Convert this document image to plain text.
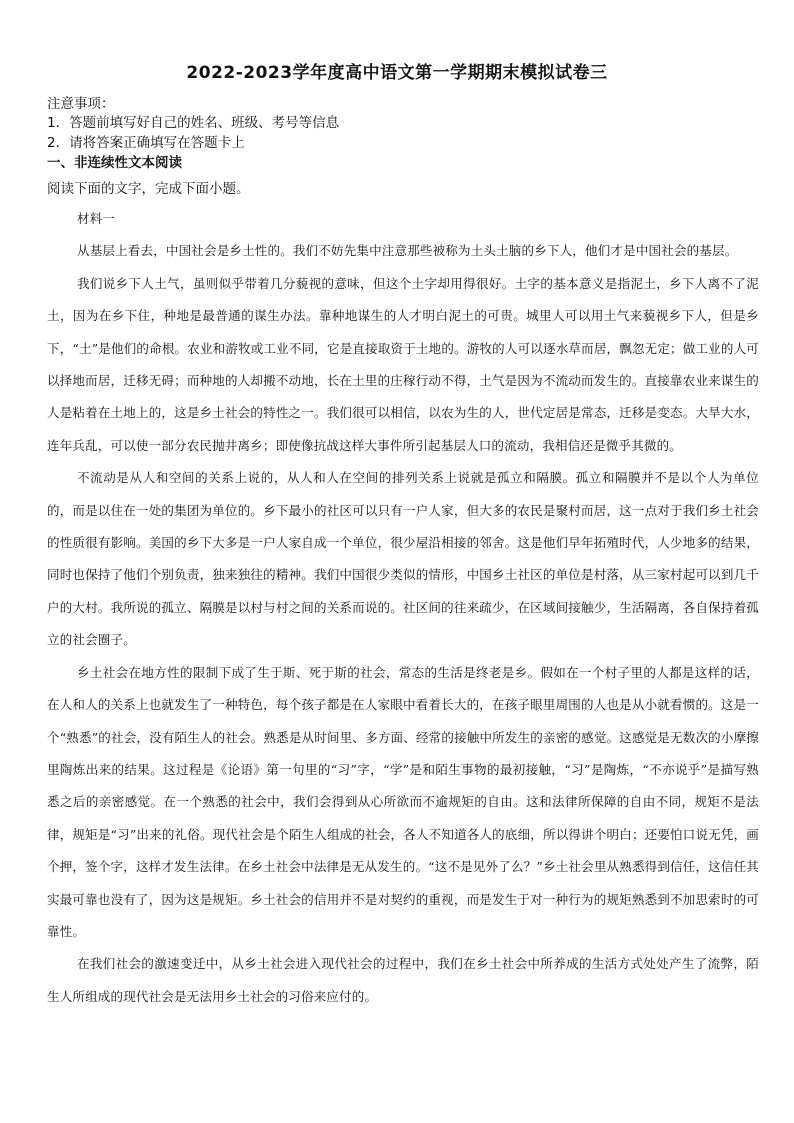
2022-2023学年度高中语文第一学期期末模拟试卷三
注意事项：
1．答题前填写好自己的姓名、班级、考号等信息
2．请将答案正确填写在答题卡上
一、非连续性文本阅读
阅读下面的文字，完成下面小题。

材料一

从基层上看去，中国社会是乡土性的。我们不妨先集中注意那些被称为土头土脑的乡下人，他们才是中国社会的基层。

我们说乡下人土气，虽则似乎带着几分藐视的意味，但这个土字却用得很好。土字的基本意义是指泥土，乡下人离不了泥土，因为在乡下住，种地是最普通的谋生办法。靠种地谋生的人才明白泥土的可贵。城里人可以用土气来藐视乡下人，但是乡下，“土”是他们的命根。农业和游牧或工业不同，它是直接取资于土地的。游牧的人可以逐水草而居，飘忽无定；做工业的人可以择地而居，迁移无碍；而种地的人却搬不动地，长在土里的庄稼行动不得，土气是因为不流动而发生的。直接靠农业来谋生的人是粘着在土地上的，这是乡土社会的特性之一。我们很可以相信，以农为生的人，世代定居是常态，迁移是变态。大旱大水，连年兵乱，可以使一部分农民抛井离乡；即使像抗战这样大事件所引起基层人口的流动，我相信还是微乎其微的。

不流动是从人和空间的关系上说的，从人和人在空间的排列关系上说就是孤立和隔膜。孤立和隔膜并不是以个人为单位的，而是以住在一处的集团为单位的。乡下最小的社区可以只有一户人家，但大多的农民是聚村而居，这一点对于我们乡土社会的性质很有影响。美国的乡下大多是一户人家自成一个单位，很少屋沿相接的邻舍。这是他们早年拓殖时代，人少地多的结果，同时也保持了他们个别负责，独来独往的精神。我们中国很少类似的情形，中国乡土社区的单位是村落，从三家村起可以到几千户的大村。我所说的孤立、隔膜是以村与村之间的关系而说的。社区间的往来疏少，在区域间接触少，生活隔离，各自保持着孤立的社会圈子。

乡土社会在地方性的限制下成了生于斯、死于斯的社会，常态的生活是终老是乡。假如在一个村子里的人都是这样的话，在人和人的关系上也就发生了一种特色，每个孩子都是在人家眼中看着长大的，在孩子眼里周围的人也是从小就看惯的。这是一个“熟悉”的社会，没有陌生人的社会。熟悉是从时间里、多方面、经常的接触中所发生的亲密的感觉。这感觉是无数次的小摩擦里陶炼出来的结果。这过程是《论语》第一句里的“习”字，“学”是和陌生事物的最初接触，“习”是陶炼，“不亦说乎”是描写熟悉之后的亲密感觉。在一个熟悉的社会中，我们会得到从心所欲而不逾规矩的自由。这和法律所保障的自由不同，规矩不是法律，规矩是“习”出来的礼俗。现代社会是个陌生人组成的社会，各人不知道各人的底细，所以得讲个明白；还要怕口说无凭，画个押，签个字，这样才发生法律。在乡土社会中法律是无从发生的。“这不是见外了么？”乡土社会里从熟悉得到信任，这信任其实最可靠也没有了，因为这是规矩。乡土社会的信用并不是对契约的重视，而是发生于对一种行为的规矩熟悉到不加思索时的可靠性。

在我们社会的激速变迁中，从乡土社会进入现代社会的过程中，我们在乡土社会中所养成的生活方式处处产生了流弊，陌生人所组成的现代社会是无法用乡土社会的习俗来应付的。
